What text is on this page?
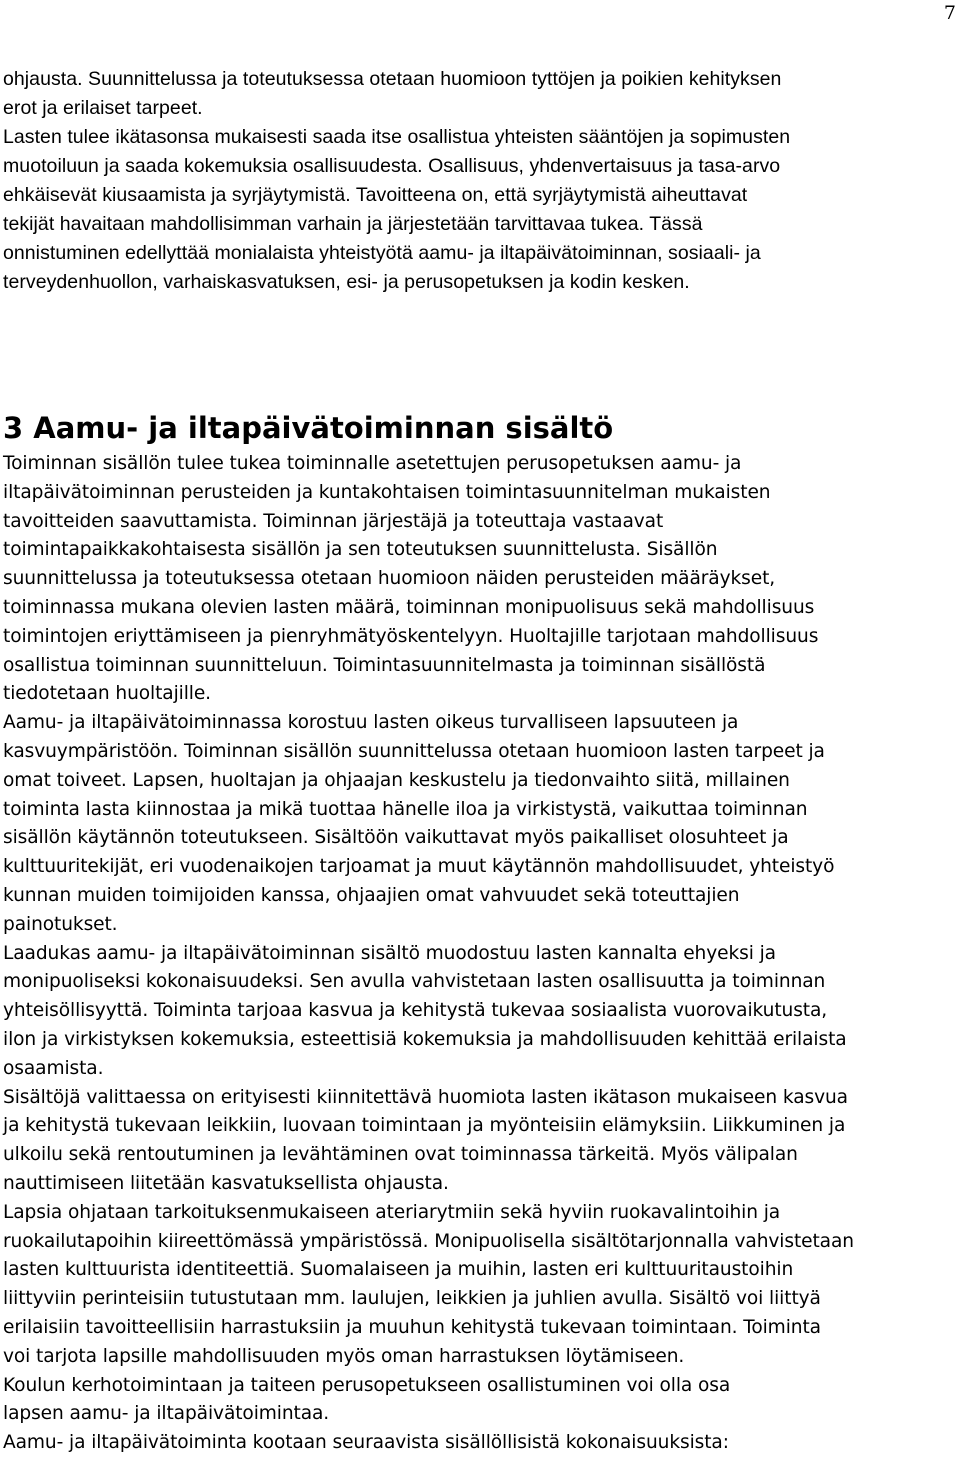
7
ohjausta. Suunnittelussa ja toteutuksessa otetaan huomioon tyttöjen ja poikien kehityksen
erot ja erilaiset tarpeet.
Lasten tulee ikätasonsa mukaisesti saada itse osallistua yhteisten sääntöjen ja sopimusten
muotoiluun ja saada kokemuksia osallisuudesta. Osallisuus, yhdenvertaisuus ja tasa-arvo
ehkäisevät kiusaamista ja syrjäytymistä. Tavoitteena on, että syrjäytymistä aiheuttavat
tekijät havaitaan mahdollisimman varhain ja järjestetään tarvittavaa tukea. Tässä
onnistuminen edellyttää monialaista yhteistyötä aamu- ja iltapäivätoiminnan, sosiaali- ja
terveydenhuollon, varhaiskasvatuksen, esi- ja perusopetuksen ja kodin kesken.
3 Aamu- ja iltapäivätoiminnan sisältö
Toiminnan sisällön tulee tukea toiminnalle asetettujen perusopetuksen aamu- ja
iltapäivätoiminnan perusteiden ja kuntakohtaisen toimintasuunnitelman mukaisten
tavoitteiden saavuttamista. Toiminnan järjestäjä ja toteuttaja vastaavat
toimintapaikkakohtaisesta sisällön ja sen toteutuksen suunnittelusta. Sisällön
suunnittelussa ja toteutuksessa otetaan huomioon näiden perusteiden määräykset,
toiminnassa mukana olevien lasten määrä, toiminnan monipuolisuus sekä mahdollisuus
toimintojen eriyttämiseen ja pienryhmätyöskentelyyn. Huoltajille tarjotaan mahdollisuus
osallistua toiminnan suunnitteluun. Toimintasuunnitelmasta ja toiminnan sisällöstä
tiedotetaan huoltajille.
Aamu- ja iltapäivätoiminnassa korostuu lasten oikeus turvalliseen lapsuuteen ja
kasvuympäristöön. Toiminnan sisällön suunnittelussa otetaan huomioon lasten tarpeet ja
omat toiveet. Lapsen, huoltajan ja ohjaajan keskustelu ja tiedonvaihto siitä, millainen
toiminta lasta kiinnostaa ja mikä tuottaa hänelle iloa ja virkistystä, vaikuttaa toiminnan
sisällön käytännön toteutukseen. Sisältöön vaikuttavat myös paikalliset olosuhteet ja
kulttuuritekijät, eri vuodenaikojen tarjoamat ja muut käytännön mahdollisuudet, yhteistyö
kunnan muiden toimijoiden kanssa, ohjaajien omat vahvuudet sekä toteuttajien
painotukset.
Laadukas aamu- ja iltapäivätoiminnan sisältö muodostuu lasten kannalta ehyeksi ja
monipuoliseksi kokonaisuudeksi. Sen avulla vahvistetaan lasten osallisuutta ja toiminnan
yhteisöllisyyttä. Toiminta tarjoaa kasvua ja kehitystä tukevaa sosiaalista vuorovaikutusta,
ilon ja virkistyksen kokemuksia, esteettisiä kokemuksia ja mahdollisuuden kehittää erilaista
osaamista.
Sisältöjä valittaessa on erityisesti kiinnitettävä huomiota lasten ikätason mukaiseen kasvua
ja kehitystä tukevaan leikkiin, luovaan toimintaan ja myönteisiin elämyksiin. Liikkuminen ja
ulkoilu sekä rentoutuminen ja levähtäminen ovat toiminnassa tärkeitä. Myös välipalan
nauttimiseen liitetään kasvatuksellista ohjausta.
Lapsia ohjataan tarkoituksenmukaiseen ateriarytmiin sekä hyviin ruokavalintoihin ja
ruokailutapoihin kiireettömässä ympäristössä. Monipuolisella sisältötarjonnalla vahvistetaan
lasten kulttuurista identiteettiä. Suomalaiseen ja muihin, lasten eri kulttuuritaustoihin
liittyviin perinteisiin tutustutaan mm. laulujen, leikkien ja juhlien avulla. Sisältö voi liittyä
erilaisiin tavoitteellisiin harrastuksiin ja muuhun kehitystä tukevaan toimintaan. Toiminta
voi tarjota lapsille mahdollisuuden myös oman harrastuksen löytämiseen.
Koulun kerhotoimintaan ja taiteen perusopetukseen osallistuminen voi olla osa
lapsen aamu- ja iltapäivätoimintaa.
Aamu- ja iltapäivätoiminta kootaan seuraavista sisällöllisistä kokonaisuuksista:
